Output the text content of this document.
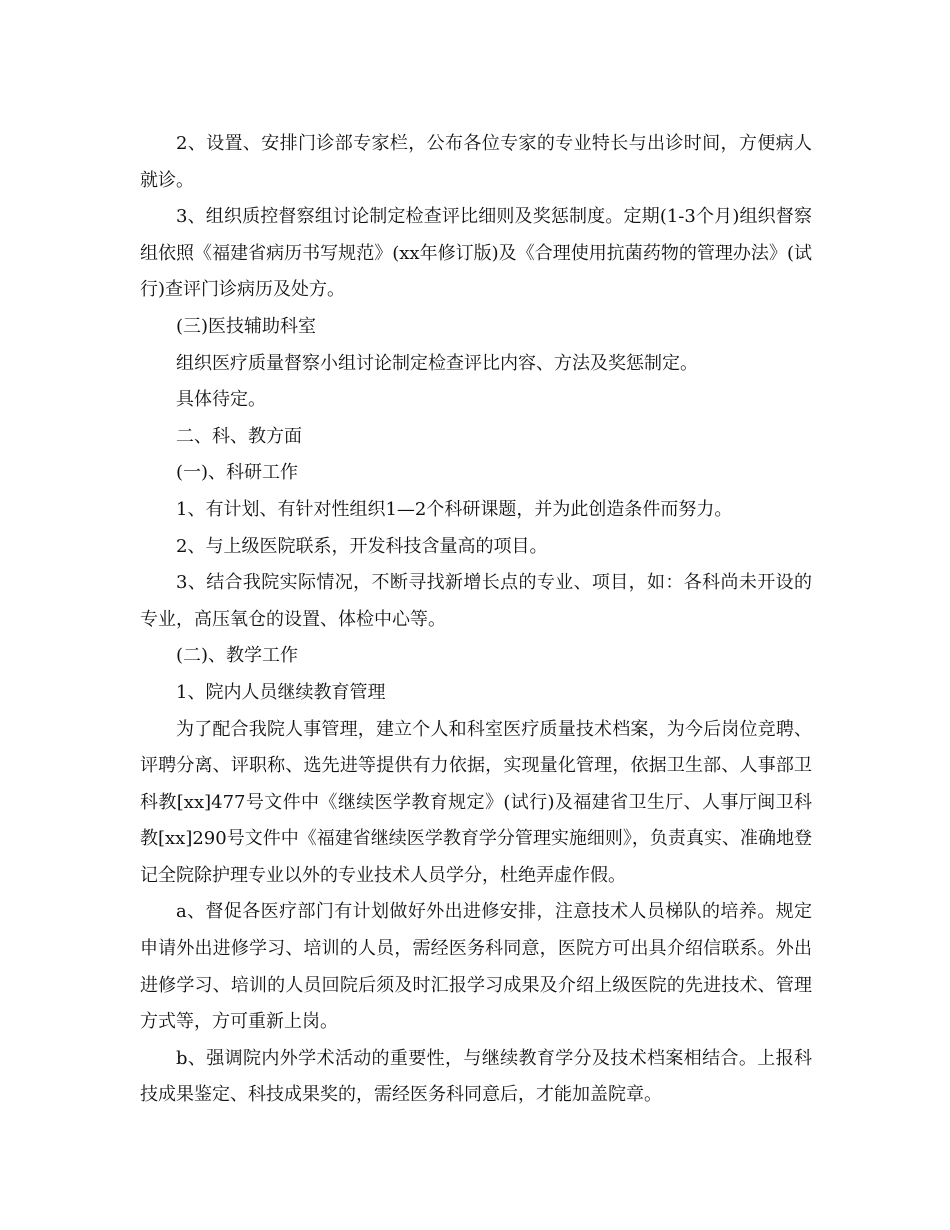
2、设置、安排门诊部专家栏，公布各位专家的专业特长与出诊时间，方便病人就诊。

3、组织质控督察组讨论制定检查评比细则及奖惩制度。定期(1-3个月)组织督察组依照《福建省病历书写规范》(xx年修订版)及《合理使用抗菌药物的管理办法》(试行)查评门诊病历及处方。

(三)医技辅助科室

组织医疗质量督察小组讨论制定检查评比内容、方法及奖惩制定。

具体待定。

二、科、教方面

(一)、科研工作

1、有计划、有针对性组织1—2个科研课题，并为此创造条件而努力。

2、与上级医院联系，开发科技含量高的项目。

3、结合我院实际情况，不断寻找新增长点的专业、项目，如：各科尚未开设的专业，高压氧仓的设置、体检中心等。

(二)、教学工作

1、院内人员继续教育管理

为了配合我院人事管理，建立个人和科室医疗质量技术档案，为今后岗位竞聘、评聘分离、评职称、选先进等提供有力依据，实现量化管理，依据卫生部、人事部卫科教[xx]477号文件中《继续医学教育规定》(试行)及福建省卫生厅、人事厅闽卫科教[xx]290号文件中《福建省继续医学教育学分管理实施细则》，负责真实、准确地登记全院除护理专业以外的专业技术人员学分，杜绝弄虚作假。

a、督促各医疗部门有计划做好外出进修安排，注意技术人员梯队的培养。规定申请外出进修学习、培训的人员，需经医务科同意，医院方可出具介绍信联系。外出进修学习、培训的人员回院后须及时汇报学习成果及介绍上级医院的先进技术、管理方式等，方可重新上岗。

b、强调院内外学术活动的重要性，与继续教育学分及技术档案相结合。上报科技成果鉴定、科技成果奖的，需经医务科同意后，才能加盖院章。
